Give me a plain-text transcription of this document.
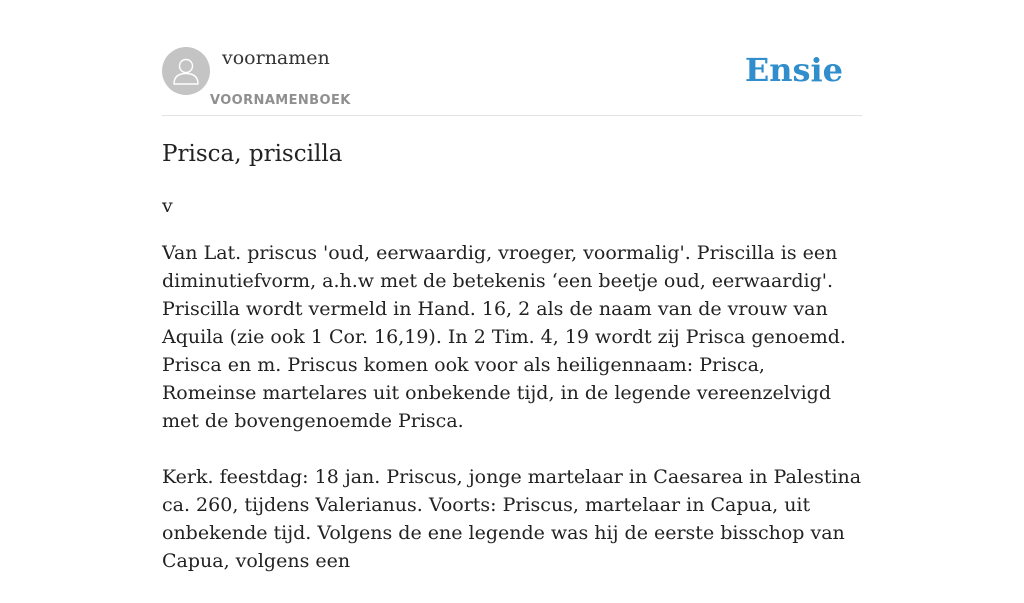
voornamen
VOORNAMENBOEK
Ensie
Prisca, priscilla
v

Van Lat. priscus 'oud, eerwaardig, vroeger, voormalig'. Priscilla is een diminutiefvorm, a.h.w met de betekenis ‘een beetje oud, eerwaardig'. Priscilla wordt vermeld in Hand. 16, 2 als de naam van de vrouw van Aquila (zie ook 1 Cor. 16,19). In 2 Tim. 4, 19 wordt zij Prisca genoemd. Prisca en m. Priscus komen ook voor als heiligennaam: Prisca, Romeinse martelares uit onbekende tijd, in de legende vereenzelvigd met de bovengenoemde Prisca.

Kerk. feestdag: 18 jan. Priscus, jonge martelaar in Caesarea in Palestina ca. 260, tijdens Valerianus. Voorts: Priscus, martelaar in Capua, uit onbekende tijd. Volgens de ene legende was hij de eerste bisschop van Capua, volgens een
